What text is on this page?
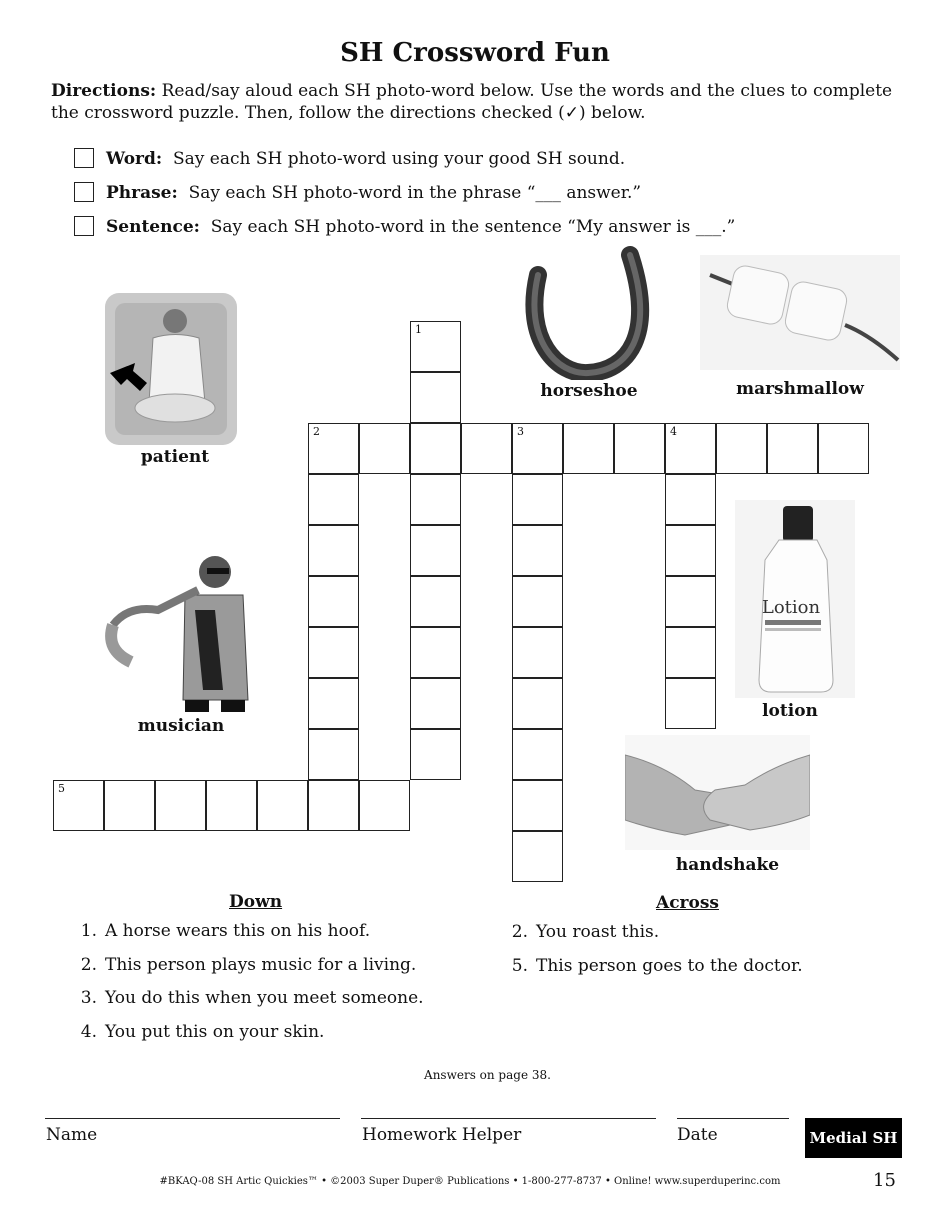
SH Crossword Fun
Directions: Read/say aloud each SH photo-word below. Use the words and the clues to complete the crossword puzzle. Then, follow the directions checked (✓) below.
Word: Say each SH photo-word using your good SH sound.
Phrase: Say each SH photo-word in the phrase “___ answer.”
Sentence: Say each SH photo-word in the sentence “My answer is ___.”
1
2	3	4
5
patient
horseshoe	marshmallow
musician
Lotion
lotion
handshake
Down
1. A horse wears this on his hoof.
2. This person plays music for a living.
3. You do this when you meet someone.
4. You put this on your skin.
Across
2. You roast this.
5. This person goes to the doctor.
Answers on page 38.
Name	Homework Helper	Date	Medial SH
#BKAQ-08 SH Artic Quickies™ • ©2003 Super Duper® Publications • 1-800-277-8737 • Online! www.superduperinc.com	15
